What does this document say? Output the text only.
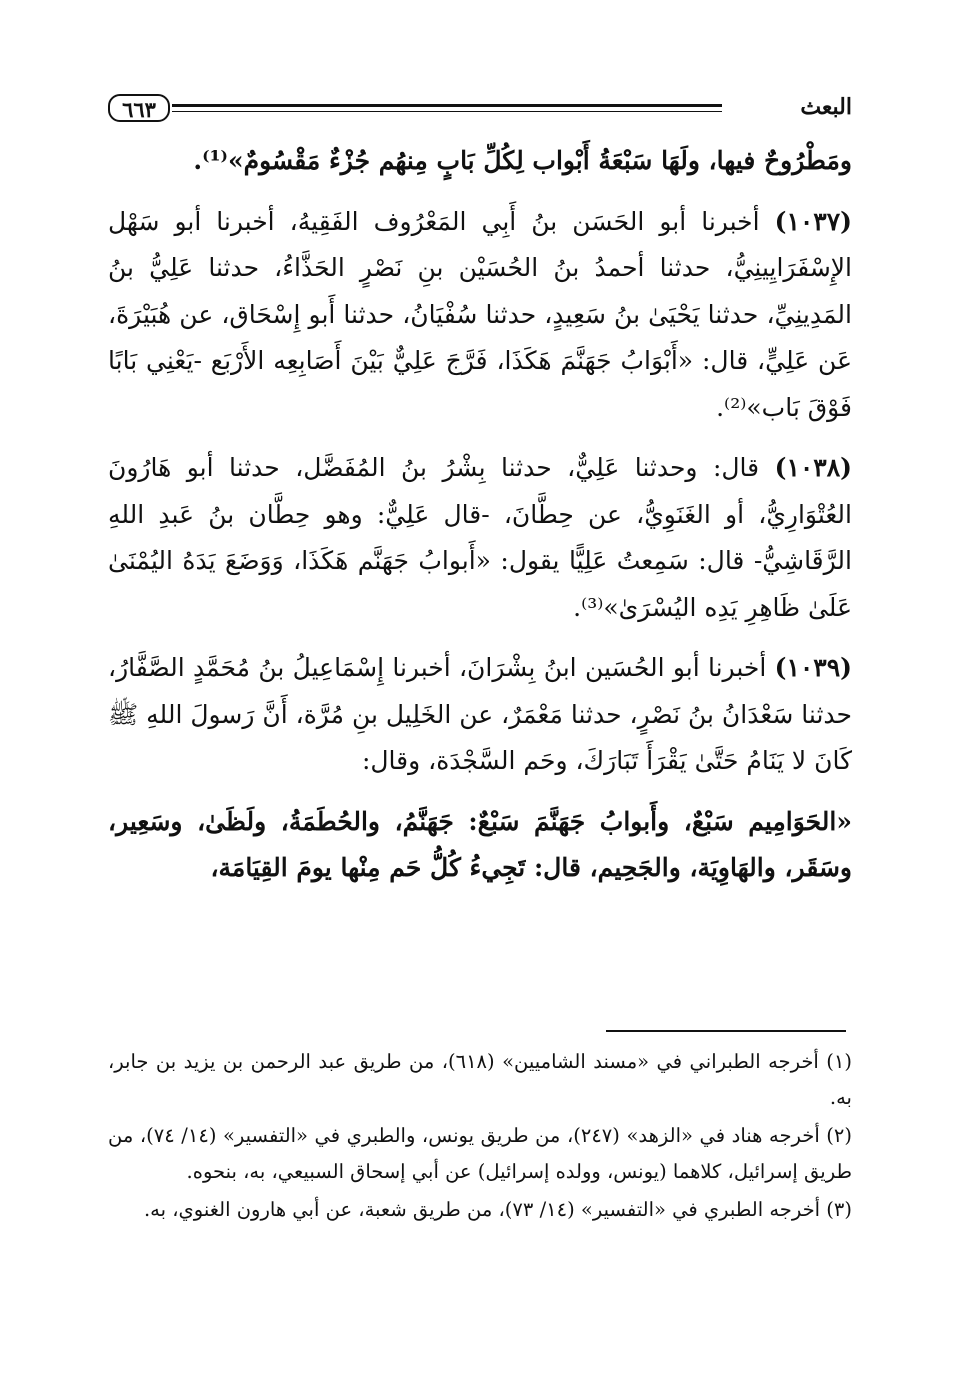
٦٦٣	البعث

ومَطْرُوحٌ فيها، ولَهَا سَبْعَةُ أَبْواب لِكُلِّ بَابٍ مِنهُم جُزْءٌ مَقْسُومٌ»⁽¹⁾.

(١٠٣٧) أخبرنا أبو الحَسَن بنُ أَبِي المَعْرُوف الفَقِيهُ، أخبرنا أبو سَهْل الإِسْفَرَايِينِيُّ، حدثنا أحمدُ بنُ الحُسَيْن بنِ نَصْرٍ الحَذَّاءُ، حدثنا عَلِيُّ بنُ المَدِينِيِّ، حدثنا يَحْيَىٰ بنُ سَعِيدٍ، حدثنا سُفْيَانُ، حدثنا أَبو إِسْحَاق، عن هُبَيْرَةَ، عَن عَلِيٍّ، قال: «أَبْوَابُ جَهَنَّمَ هَكَذَا، فَرَّجَ عَلِيٌّ بَيْنَ أَصَابِعِه الأَرْبَع -يَعْنِي بَابًا فَوْقَ بَاب»⁽²⁾.

(١٠٣٨) قال: وحدثنا عَلِيٌّ، حدثنا بِشْرُ بنُ المُفَضَّل، حدثنا أبو هَارُونَ العُتْوَارِيُّ، أو الغَنَوِيُّ، عن حِطَّانَ، -قال عَلِيٌّ: وهو حِطَّان بنُ عَبدِ اللهِ الرَّقَاشِيُّ- قال: سَمِعتُ عَلِيًّا يقول: «أَبوابُ جَهَنَّم هَكَذَا، وَوَضَعَ يَدَهُ اليُمْنَىٰ عَلَىٰ ظَاهِرِ يَدِه اليُسْرَىٰ»⁽³⁾.

(١٠٣٩) أخبرنا أبو الحُسَين ابنُ بِشْرَانَ، أخبرنا إِسْمَاعِيلُ بنُ مُحَمَّدٍ الصَّفَّارُ، حدثنا سَعْدَانُ بنُ نَصْرٍ، حدثنا مَعْمَرٌ، عن الخَلِيل بنِ مُرَّة، أَنَّ رَسولَ اللهِ ﷺ كَانَ لا يَنَامُ حَتَّىٰ يَقْرَأَ تَبَارَكَ، وحَم السَّجْدَة، وقال:

«الحَوَامِيم سَبْعٌ، وأَبوابُ جَهَنَّمَ سَبْعٌ: جَهَنَّمُ، والحُطَمَةُ، ولَظَىٰ، وسَعِير، وسَقَر، والهَاوِيَة، والجَحِيم، قال: تَجِيءُ كُلُّ حَم مِنْها يومَ القِيَامَة،

(١) أخرجه الطبراني في «مسند الشاميين» (٦١٨)، من طريق عبد الرحمن بن يزيد بن جابر، به.

(٢) أخرجه هناد في «الزهد» (٢٤٧)، من طريق يونس، والطبري في «التفسير» (١٤/ ٧٤)، من طريق إسرائيل، كلاهما (يونس، وولده إسرائيل) عن أبي إسحاق السبيعي، به، بنحوه.

(٣) أخرجه الطبري في «التفسير» (١٤/ ٧٣)، من طريق شعبة، عن أبي هارون الغنوي، به.
